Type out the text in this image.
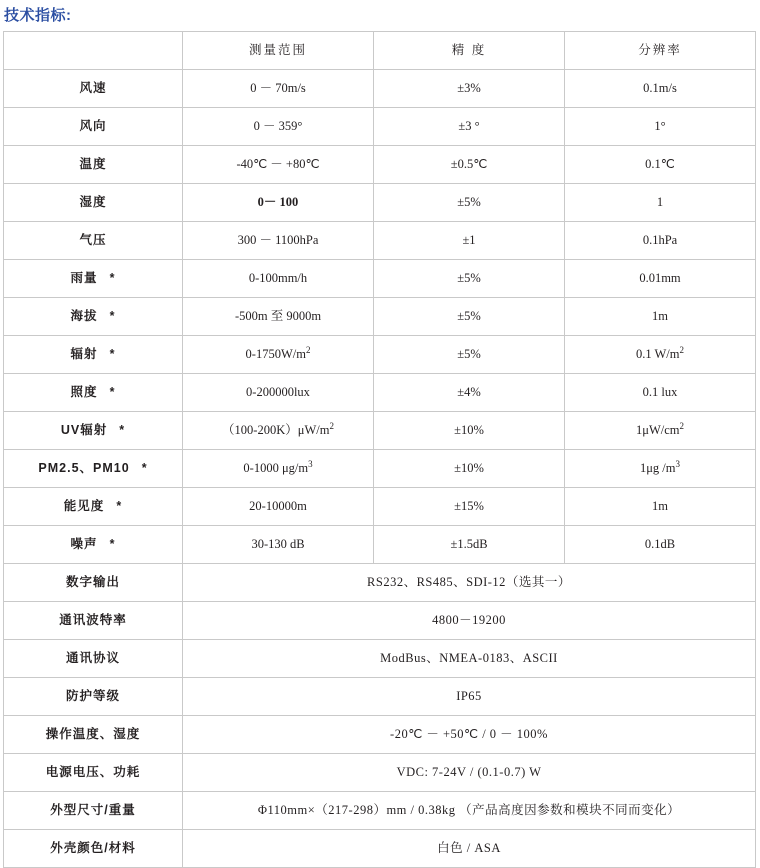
技术指标:
	测量范围	精 度	分辨率
风速	0 － 70m/s	±3%	0.1m/s
风向	0 － 359°	±3 °	1°
温度	-40℃ － +80℃	±0.5℃	0.1℃
湿度	0－ 100	±5%	1
气压	300 － 1100hPa	±1	0.1hPa
雨量 *	0-100mm/h	±5%	0.01mm
海拔 *	-500m 至 9000m	±5%	1m
辐射 *	$0-1750W/m^2$	±5%	0.1 $W/m^2$
照度 *	0-200000lux	±4%	0.1 lux
UV辐射 *	$(100-200K)\mu W/m^2$	±10%	$1\mu W/cm^2$
PM2.5、PM10 *	0-1000 $\mu g/m^3$	±10%	1μg $/m^3$
能见度 *	20-10000m	±15%	1m
噪声 *	30-130 dB	±1.5dB	0.1dB
数字输出	RS232、RS485、SDI-12（选其一）		
通讯波特率	4800－19200		
通讯协议	ModBus、NMEA-0183、ASCII		
防护等级	IP65		
操作温度、湿度	-20℃ － +50℃ / 0 － 100%		
电源电压、功耗	VDC: 7-24V / (0.1-0.7) W		
外型尺寸/重量	Φ110mm×（217-298）mm / 0.38kg （产品高度因参数和模块不同而变化）		
外壳颜色/材料	白色 / ASA		
